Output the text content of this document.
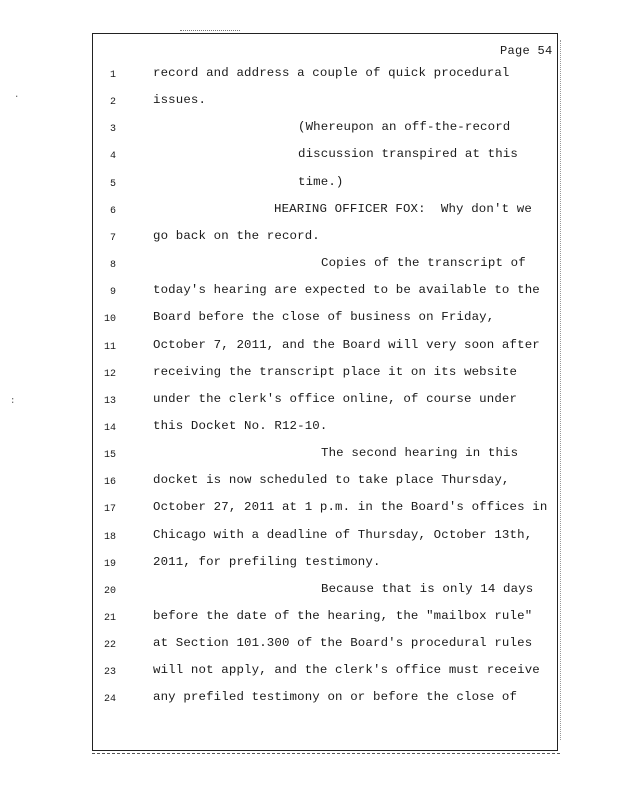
·
:
Page 54
1	record and address a couple of quick procedural
2	issues.
3	(Whereupon an off-the-record
4	discussion transpired at this
5	time.)
6	HEARING OFFICER FOX:  Why don't we
7	go back on the record.
8	Copies of the transcript of
9	today's hearing are expected to be available to the
10	Board before the close of business on Friday,
11	October 7, 2011, and the Board will very soon after
12	receiving the transcript place it on its website
13	under the clerk's office online, of course under
14	this Docket No. R12-10.
15	The second hearing in this
16	docket is now scheduled to take place Thursday,
17	October 27, 2011 at 1 p.m. in the Board's offices in
18	Chicago with a deadline of Thursday, October 13th,
19	2011, for prefiling testimony.
20	Because that is only 14 days
21	before the date of the hearing, the "mailbox rule"
22	at Section 101.300 of the Board's procedural rules
23	will not apply, and the clerk's office must receive
24	any prefiled testimony on or before the close of
